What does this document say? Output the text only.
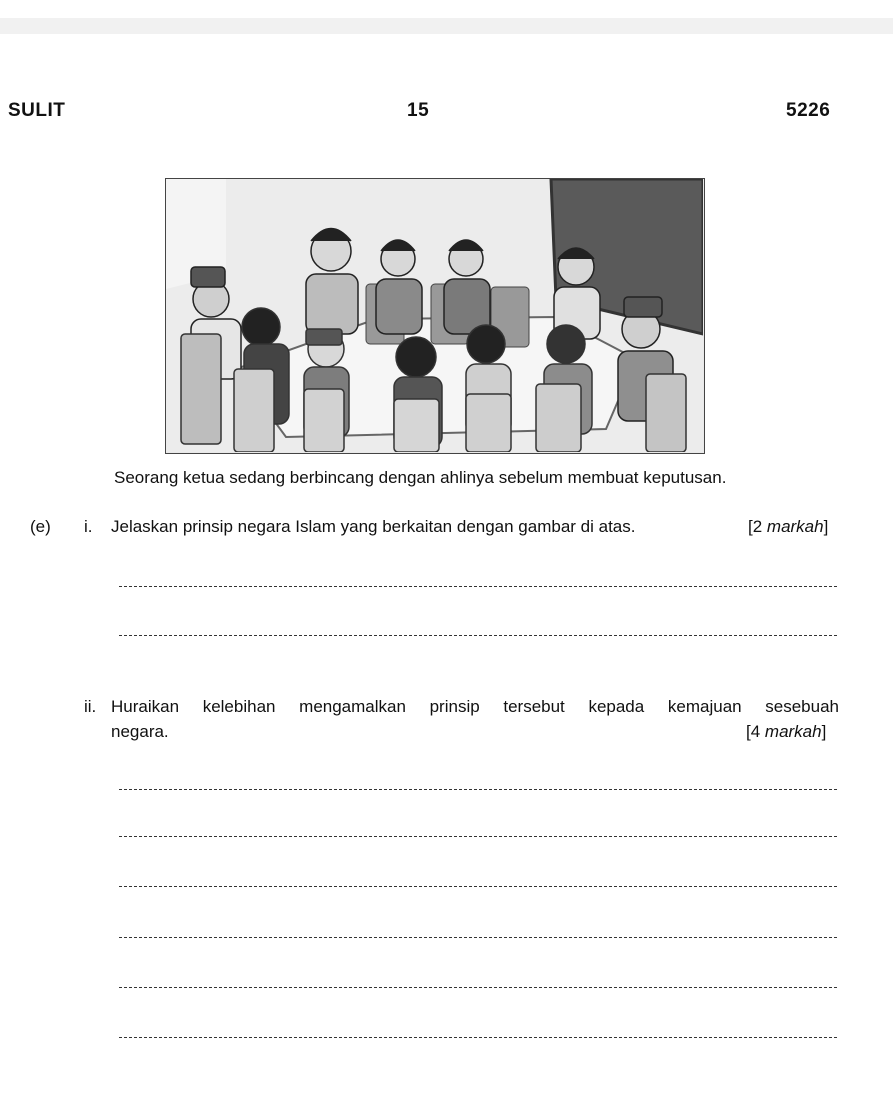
SULIT	15	5226
Seorang ketua sedang berbincang dengan ahlinya sebelum membuat keputusan.
(e) i. Jelaskan prinsip negara Islam yang berkaitan dengan gambar di atas.	[2 markah]
ii. Huraikan kelebihan mengamalkan prinsip tersebut kepada kemajuan sesebuah
negara.	[4 markah]
